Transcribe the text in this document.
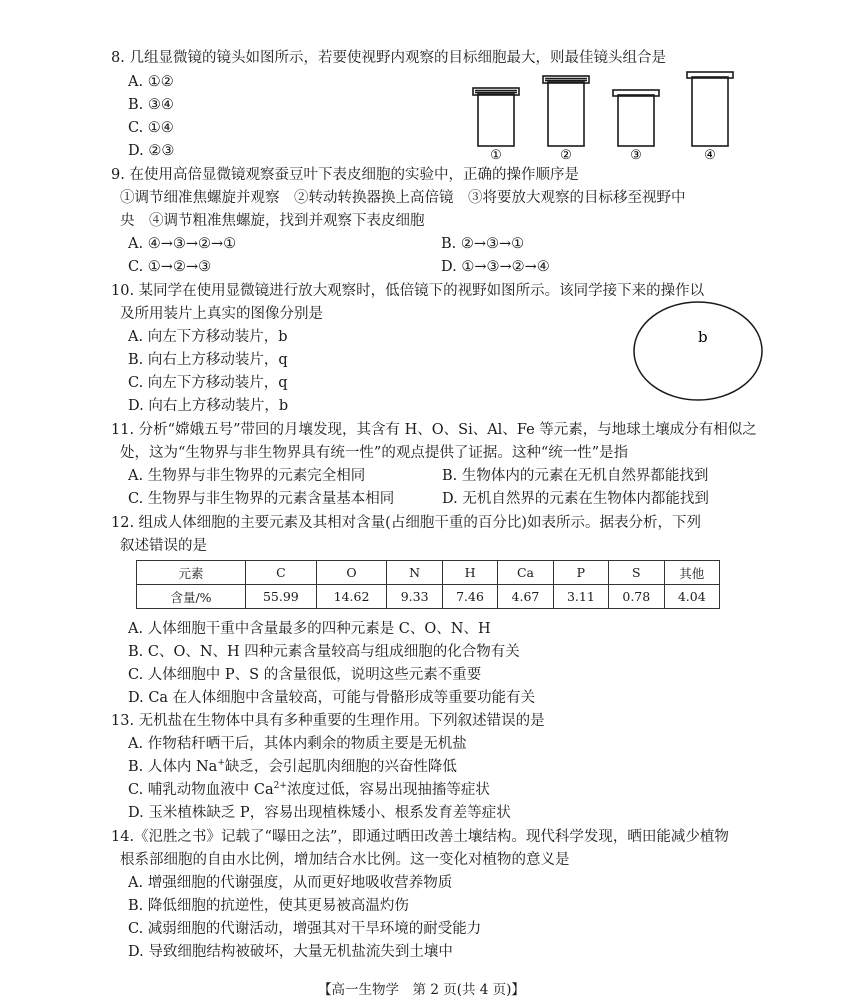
8. 几组显微镜的镜头如图所示，若要使视野内观察的目标细胞最大，则最佳镜头组合是
A. ①②
B. ③④
C. ①④
D. ②③	①	②	③	④
9. 在使用高倍显微镜观察蚕豆叶下表皮细胞的实验中，正确的操作顺序是
①调节细准焦螺旋并观察　②转动转换器换上高倍镜　③将要放大观察的目标移至视野中
央　④调节粗准焦螺旋，找到并观察下表皮细胞
A. ④→③→②→①	B. ②→③→①
C. ①→②→③	D. ①→③→②→④
10. 某同学在使用显微镜进行放大观察时，低倍镜下的视野如图所示。该同学接下来的操作以
及所用装片上真实的图像分别是
A. 向左下方移动装片，b
B. 向右上方移动装片，q
C. 向左下方移动装片，q
D. 向右上方移动装片，b
b
11. 分析“嫦娥五号”带回的月壤发现，其含有 H、O、Si、Al、Fe 等元素，与地球土壤成分有相似之
处，这为“生物界与非生物界具有统一性”的观点提供了证据。这种“统一性”是指
A. 生物界与非生物界的元素完全相同	B. 生物体内的元素在无机自然界都能找到
C. 生物界与非生物界的元素含量基本相同	D. 无机自然界的元素在生物体内都能找到
12. 组成人体细胞的主要元素及其相对含量(占细胞干重的百分比)如表所示。据表分析，下列
叙述错误的是
元素	C	O	N	H	Ca	P	S	其他
含量/%	55.99	14.62	9.33	7.46	4.67	3.11	0.78	4.04
A. 人体细胞干重中含量最多的四种元素是 C、O、N、H
B. C、O、N、H 四种元素含量较高与组成细胞的化合物有关
C. 人体细胞中 P、S 的含量很低，说明这些元素不重要
D. Ca 在人体细胞中含量较高，可能与骨骼形成等重要功能有关
13. 无机盐在生物体中具有多种重要的生理作用。下列叙述错误的是
A. 作物秸秆晒干后，其体内剩余的物质主要是无机盐
B. 人体内 Na+缺乏，会引起肌肉细胞的兴奋性降低
C. 哺乳动物血液中 $Ca^{2+}$浓度过低，容易出现抽搐等症状
D. 玉米植株缺乏 P，容易出现植株矮小、根系发育差等症状
14.《氾胜之书》记载了“曝田之法”，即通过晒田改善土壤结构。现代科学发现，晒田能减少植物
根系部细胞的自由水比例，增加结合水比例。这一变化对植物的意义是
A. 增强细胞的代谢强度，从而更好地吸收营养物质
B. 降低细胞的抗逆性，使其更易被高温灼伤
C. 减弱细胞的代谢活动，增强其对干旱环境的耐受能力
D. 导致细胞结构被破坏，大量无机盐流失到土壤中
【高一生物学　第 2 页(共 4 页)】
